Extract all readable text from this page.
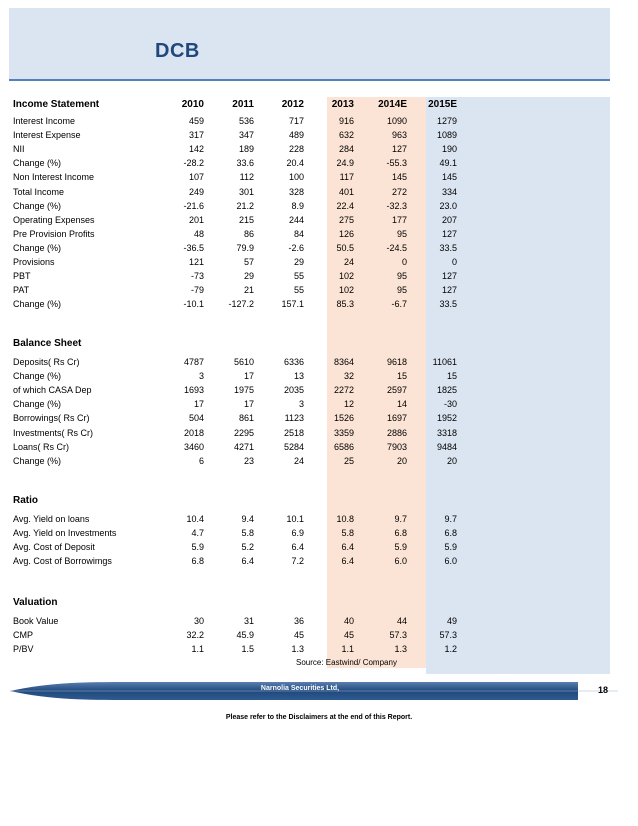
DCB
Income Statement	2010	2011	2012	2013	2014E	2015E
Interest Income	459	536	717	916	1090	1279
Interest Expense	317	347	489	632	963	1089
NII	142	189	228	284	127	190
Change (%)	-28.2	33.6	20.4	24.9	-55.3	49.1
Non Interest Income	107	112	100	117	145	145
Total Income	249	301	328	401	272	334
Change (%)	-21.6	21.2	8.9	22.4	-32.3	23.0
Operating Expenses	201	215	244	275	177	207
Pre Provision Profits	48	86	84	126	95	127
Change (%)	-36.5	79.9	-2.6	50.5	-24.5	33.5
Provisions	121	57	29	24	0	0
PBT	-73	29	55	102	95	127
PAT	-79	21	55	102	95	127
Change (%)	-10.1	-127.2	157.1	85.3	-6.7	33.5
Balance Sheet
Deposits( Rs Cr)	4787	5610	6336	8364	9618	11061
Change (%)	3	17	13	32	15	15
of which CASA Dep	1693	1975	2035	2272	2597	1825
Change (%)	17	17	3	12	14	-30
Borrowings( Rs Cr)	504	861	1123	1526	1697	1952
Investments( Rs Cr)	2018	2295	2518	3359	2886	3318
Loans( Rs Cr)	3460	4271	5284	6586	7903	9484
Change (%)	6	23	24	25	20	20
Ratio
Avg. Yield on loans	10.4	9.4	10.1	10.8	9.7	9.7
Avg. Yield on Investments	4.7	5.8	6.9	5.8	6.8	6.8
Avg. Cost of Deposit	5.9	5.2	6.4	6.4	5.9	5.9
Avg. Cost of Borrowimgs	6.8	6.4	7.2	6.4	6.0	6.0
Valuation
Book Value	30	31	36	40	44	49
CMP	32.2	45.9	45	45	57.3	57.3
P/BV	1.1	1.5	1.3	1.1	1.3	1.2
Source: Eastwind/ Company
Narnolia Securities Ltd,	18
Please refer to the Disclaimers at the end of this Report.
